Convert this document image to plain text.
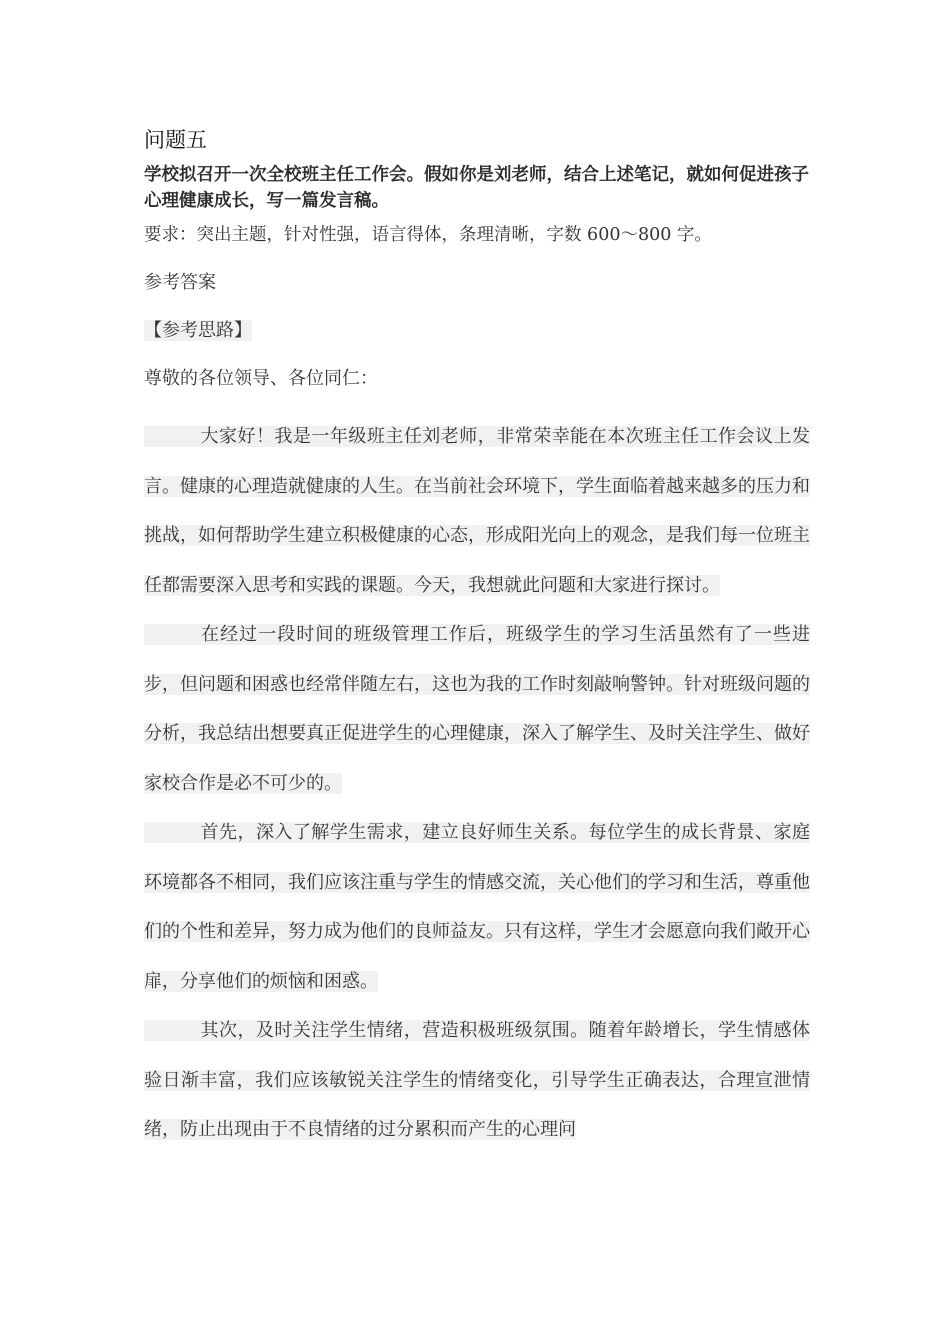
问题五
学校拟召开一次全校班主任工作会。假如你是刘老师，结合上述笔记，就如何促进孩子心理健康成长，写一篇发言稿。
要求：突出主题，针对性强，语言得体，条理清晰，字数 600～800 字。
参考答案
【参考思路】
尊敬的各位领导、各位同仁：
大家好！我是一年级班主任刘老师，非常荣幸能在本次班主任工作会议上发言。健康的心理造就健康的人生。在当前社会环境下，学生面临着越来越多的压力和挑战，如何帮助学生建立积极健康的心态，形成阳光向上的观念，是我们每一位班主任都需要深入思考和实践的课题。今天，我想就此问题和大家进行探讨。
在经过一段时间的班级管理工作后，班级学生的学习生活虽然有了一些进步，但问题和困惑也经常伴随左右，这也为我的工作时刻敲响警钟。针对班级问题的分析，我总结出想要真正促进学生的心理健康，深入了解学生、及时关注学生、做好家校合作是必不可少的。
首先，深入了解学生需求，建立良好师生关系。每位学生的成长背景、家庭环境都各不相同，我们应该注重与学生的情感交流，关心他们的学习和生活，尊重他们的个性和差异，努力成为他们的良师益友。只有这样，学生才会愿意向我们敞开心扉，分享他们的烦恼和困惑。
其次，及时关注学生情绪，营造积极班级氛围。随着年龄增长，学生情感体验日渐丰富，我们应该敏锐关注学生的情绪变化，引导学生正确表达，合理宣泄情绪，防止出现由于不良情绪的过分累积而产生的心理问
